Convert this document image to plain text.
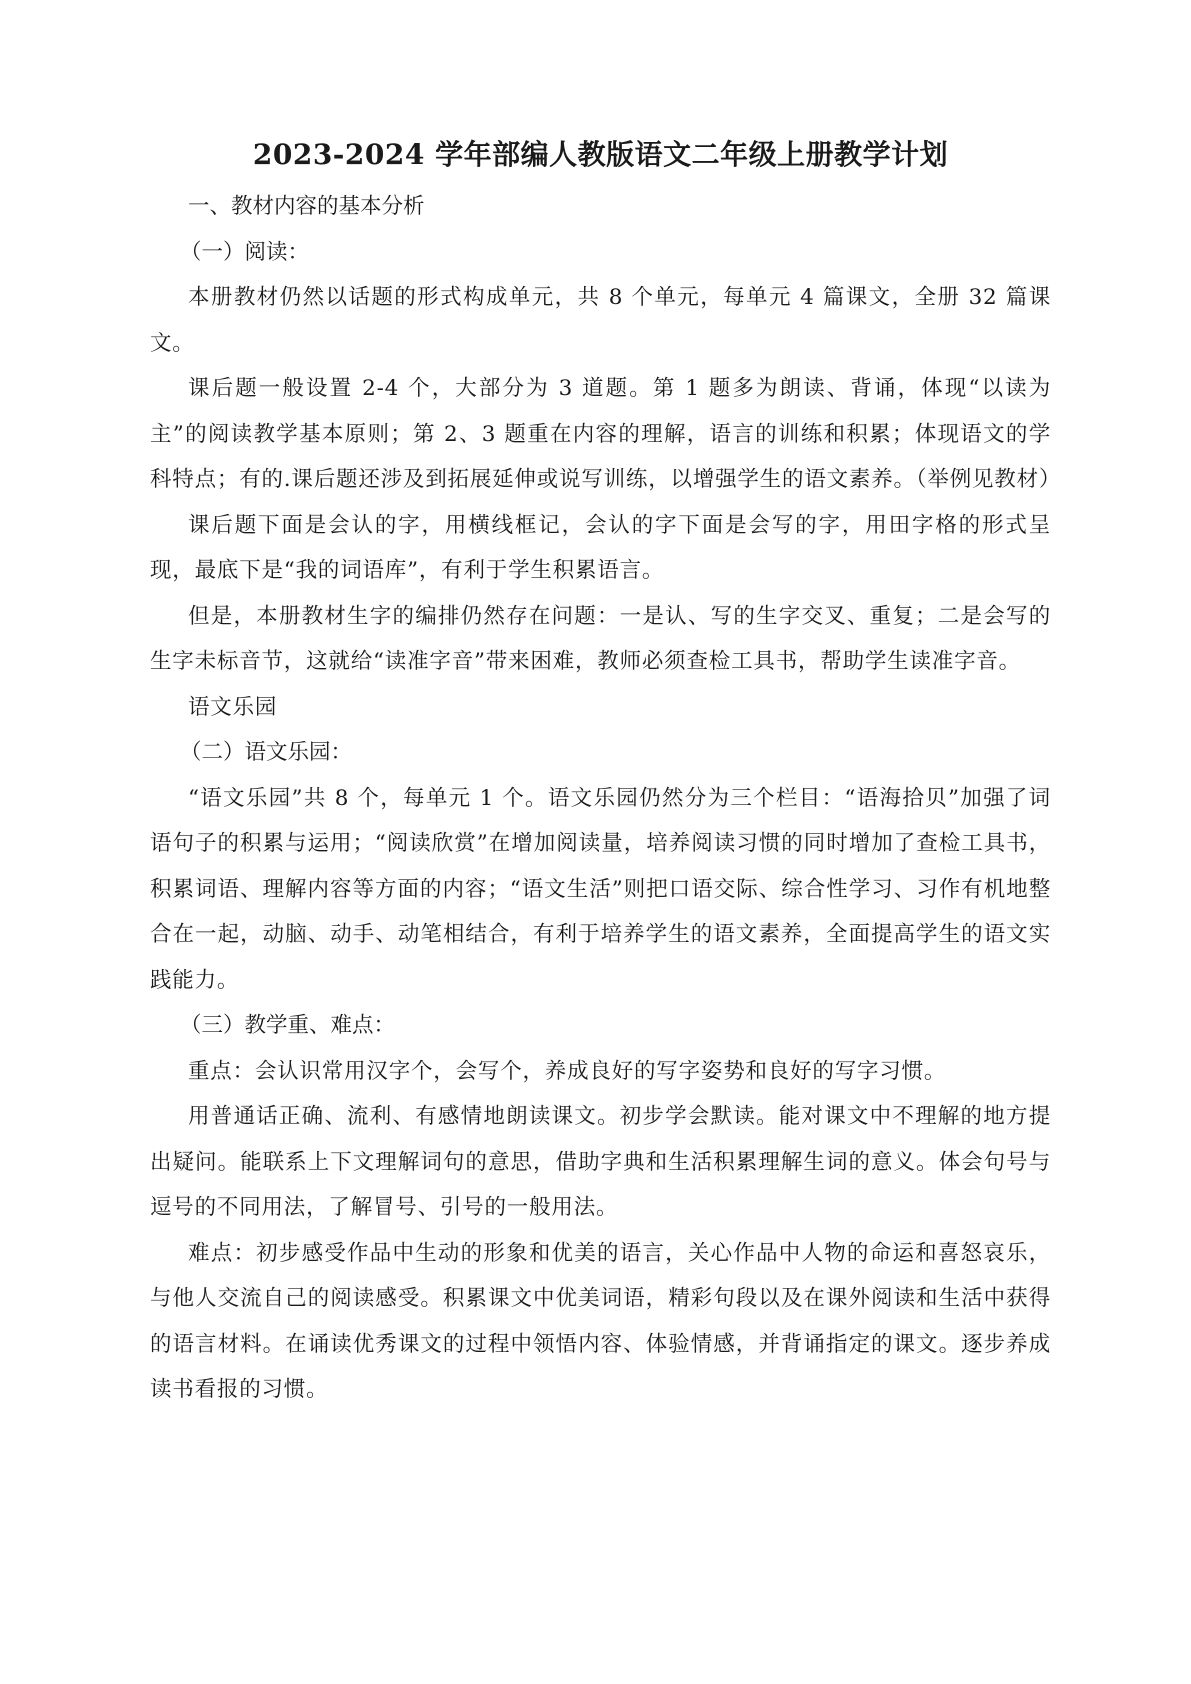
2023-2024 学年部编人教版语文二年级上册教学计划

一、教材内容的基本分析

（一）阅读：

本册教材仍然以话题的形式构成单元，共 8 个单元，每单元 4 篇课文，全册 32 篇课文。

课后题一般设置 2-4 个，大部分为 3 道题。第 1 题多为朗读、背诵，体现“以读为主”的阅读教学基本原则；第 2、3 题重在内容的理解，语言的训练和积累；体现语文的学科特点；有的.课后题还涉及到拓展延伸或说写训练，以增强学生的语文素养。（举例见教材）

课后题下面是会认的字，用横线框记，会认的字下面是会写的字，用田字格的形式呈现，最底下是“我的词语库”，有利于学生积累语言。

但是，本册教材生字的编排仍然存在问题：一是认、写的生字交叉、重复；二是会写的生字未标音节，这就给“读准字音”带来困难，教师必须查检工具书，帮助学生读准字音。

语文乐园

（二）语文乐园：

“语文乐园”共 8 个，每单元 1 个。语文乐园仍然分为三个栏目：“语海拾贝”加强了词语句子的积累与运用；“阅读欣赏”在增加阅读量，培养阅读习惯的同时增加了查检工具书，积累词语、理解内容等方面的内容；“语文生活”则把口语交际、综合性学习、习作有机地整合在一起，动脑、动手、动笔相结合，有利于培养学生的语文素养，全面提高学生的语文实践能力。

（三）教学重、难点：

重点：会认识常用汉字个，会写个，养成良好的写字姿势和良好的写字习惯。

用普通话正确、流利、有感情地朗读课文。初步学会默读。能对课文中不理解的地方提出疑问。能联系上下文理解词句的意思，借助字典和生活积累理解生词的意义。体会句号与逗号的不同用法，了解冒号、引号的一般用法。

难点：初步感受作品中生动的形象和优美的语言，关心作品中人物的命运和喜怒哀乐，与他人交流自己的阅读感受。积累课文中优美词语，精彩句段以及在课外阅读和生活中获得的语言材料。在诵读优秀课文的过程中领悟内容、体验情感，并背诵指定的课文。逐步养成读书看报的习惯。
